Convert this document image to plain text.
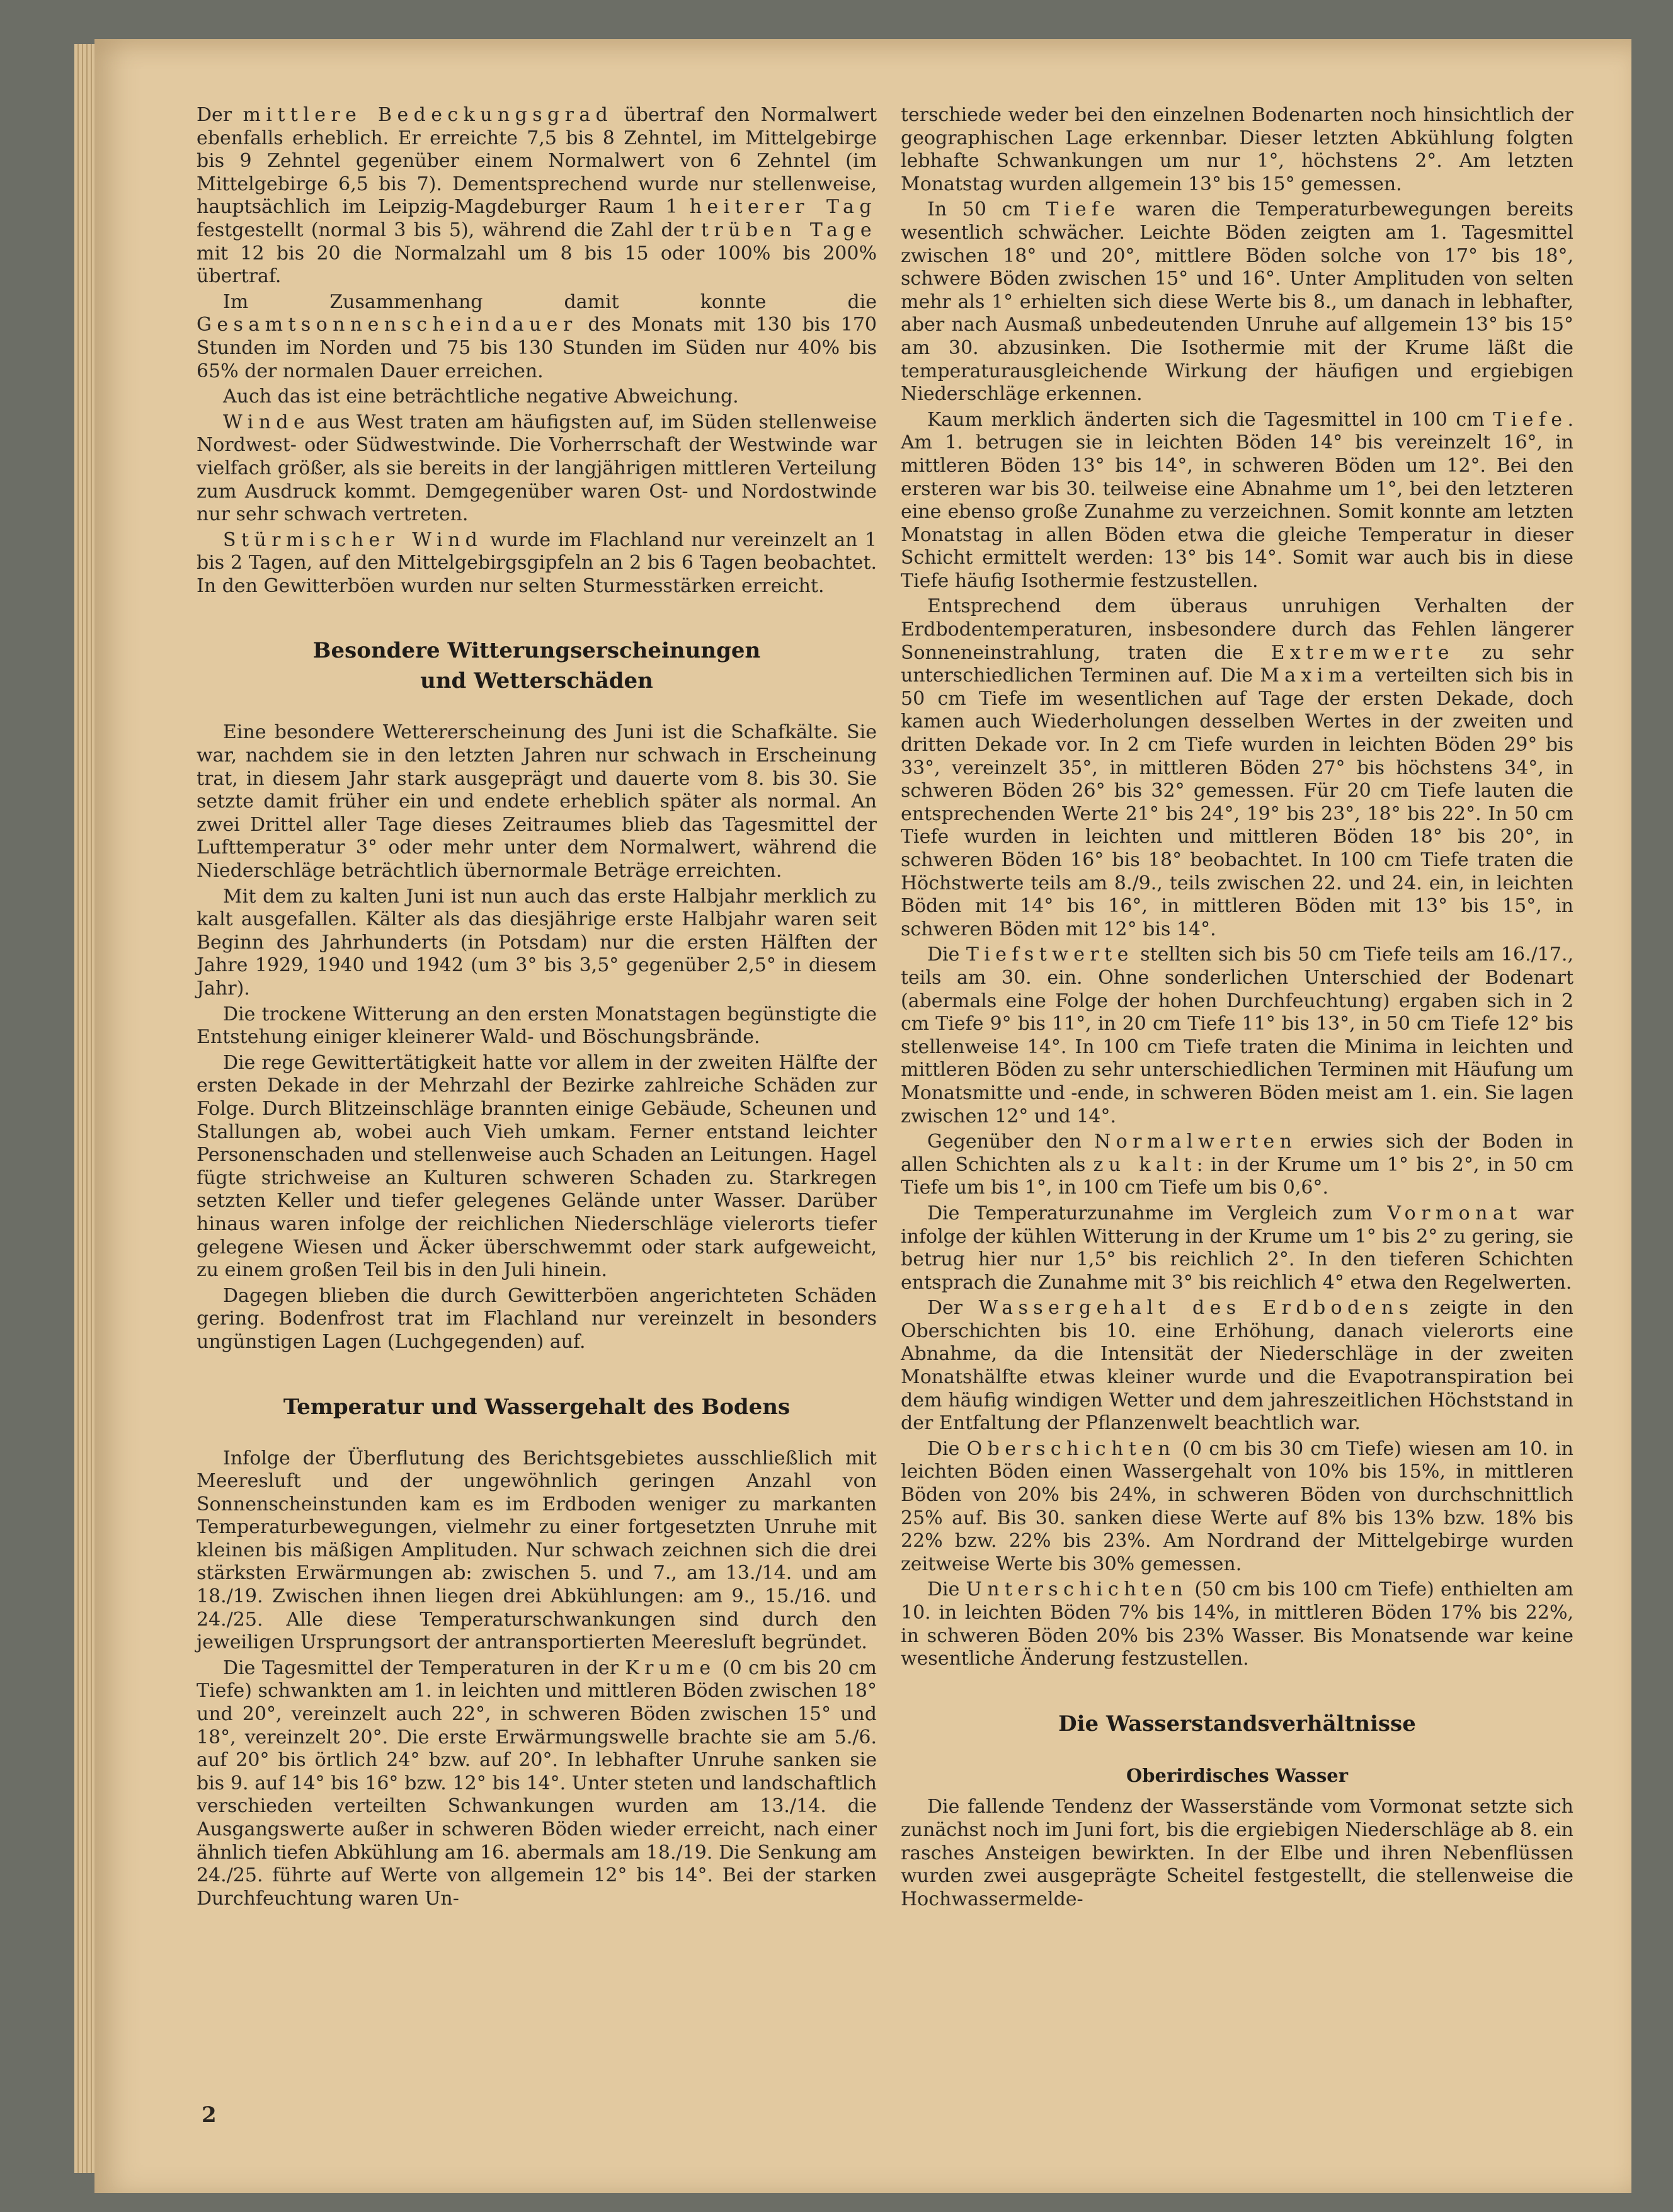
Der mittlere Bedeckungsgrad übertraf den Normalwert ebenfalls erheblich. Er erreichte 7,5 bis 8 Zehntel, im Mittelgebirge bis 9 Zehntel gegenüber einem Normalwert von 6 Zehntel (im Mittelgebirge 6,5 bis 7). Dementsprechend wurde nur stellenweise, hauptsächlich im Leipzig-Magdeburger Raum 1 heiterer Tag festgestellt (normal 3 bis 5), während die Zahl der trüben Tage mit 12 bis 20 die Normalzahl um 8 bis 15 oder 100% bis 200% übertraf.

Im Zusammenhang damit konnte die Gesamtsonnenscheindauer des Monats mit 130 bis 170 Stunden im Norden und 75 bis 130 Stunden im Süden nur 40% bis 65% der normalen Dauer erreichen.

Auch das ist eine beträchtliche negative Abweichung.

Winde aus West traten am häufigsten auf, im Süden stellenweise Nordwest- oder Südwestwinde. Die Vorherrschaft der Westwinde war vielfach größer, als sie bereits in der langjährigen mittleren Verteilung zum Ausdruck kommt. Demgegenüber waren Ost- und Nordostwinde nur sehr schwach vertreten.

Stürmischer Wind wurde im Flachland nur vereinzelt an 1 bis 2 Tagen, auf den Mittelgebirgsgipfeln an 2 bis 6 Tagen beobachtet. In den Gewitterböen wurden nur selten Sturmesstärken erreicht.

Besondere Witterungserscheinungen
und Wetterschäden

Eine besondere Wettererscheinung des Juni ist die Schafkälte. Sie war, nachdem sie in den letzten Jahren nur schwach in Erscheinung trat, in diesem Jahr stark ausgeprägt und dauerte vom 8. bis 30. Sie setzte damit früher ein und endete erheblich später als normal. An zwei Drittel aller Tage dieses Zeitraumes blieb das Tagesmittel der Lufttemperatur 3° oder mehr unter dem Normalwert, während die Niederschläge beträchtlich übernormale Beträge erreichten.

Mit dem zu kalten Juni ist nun auch das erste Halbjahr merklich zu kalt ausgefallen. Kälter als das diesjährige erste Halbjahr waren seit Beginn des Jahrhunderts (in Potsdam) nur die ersten Hälften der Jahre 1929, 1940 und 1942 (um 3° bis 3,5° gegenüber 2,5° in diesem Jahr).

Die trockene Witterung an den ersten Monatstagen begünstigte die Entstehung einiger kleinerer Wald- und Böschungsbrände.

Die rege Gewittertätigkeit hatte vor allem in der zweiten Hälfte der ersten Dekade in der Mehrzahl der Bezirke zahlreiche Schäden zur Folge. Durch Blitzeinschläge brannten einige Gebäude, Scheunen und Stallungen ab, wobei auch Vieh umkam. Ferner entstand leichter Personenschaden und stellenweise auch Schaden an Leitungen. Hagel fügte strichweise an Kulturen schweren Schaden zu. Starkregen setzten Keller und tiefer gelegenes Gelände unter Wasser. Darüber hinaus waren infolge der reichlichen Niederschläge vielerorts tiefer gelegene Wiesen und Äcker überschwemmt oder stark aufgeweicht, zu einem großen Teil bis in den Juli hinein.

Dagegen blieben die durch Gewitterböen angerichteten Schäden gering. Bodenfrost trat im Flachland nur vereinzelt in besonders ungünstigen Lagen (Luchgegenden) auf.

Temperatur und Wassergehalt des Bodens

Infolge der Überflutung des Berichtsgebietes ausschließlich mit Meeresluft und der ungewöhnlich geringen Anzahl von Sonnenscheinstunden kam es im Erdboden weniger zu markanten Temperaturbewegungen, vielmehr zu einer fortgesetzten Unruhe mit kleinen bis mäßigen Amplituden. Nur schwach zeichnen sich die drei stärksten Erwärmungen ab: zwischen 5. und 7., am 13./14. und am 18./19. Zwischen ihnen liegen drei Abkühlungen: am 9., 15./16. und 24./25. Alle diese Temperaturschwankungen sind durch den jeweiligen Ursprungsort der antransportierten Meeresluft begründet.

Die Tagesmittel der Temperaturen in der Krume (0 cm bis 20 cm Tiefe) schwankten am 1. in leichten und mittleren Böden zwischen 18° und 20°, vereinzelt auch 22°, in schweren Böden zwischen 15° und 18°, vereinzelt 20°. Die erste Erwärmungswelle brachte sie am 5./6. auf 20° bis örtlich 24° bzw. auf 20°. In lebhafter Unruhe sanken sie bis 9. auf 14° bis 16° bzw. 12° bis 14°. Unter steten und landschaftlich verschieden verteilten Schwankungen wurden am 13./14. die Ausgangswerte außer in schweren Böden wieder erreicht, nach einer ähnlich tiefen Abkühlung am 16. abermals am 18./19. Die Senkung am 24./25. führte auf Werte von allgemein 12° bis 14°. Bei der starken Durchfeuchtung waren Un-

terschiede weder bei den einzelnen Bodenarten noch hinsichtlich der geographischen Lage erkennbar. Dieser letzten Abkühlung folgten lebhafte Schwankungen um nur 1°, höchstens 2°. Am letzten Monatstag wurden allgemein 13° bis 15° gemessen.

In 50 cm Tiefe waren die Temperaturbewegungen bereits wesentlich schwächer. Leichte Böden zeigten am 1. Tagesmittel zwischen 18° und 20°, mittlere Böden solche von 17° bis 18°, schwere Böden zwischen 15° und 16°. Unter Amplituden von selten mehr als 1° erhielten sich diese Werte bis 8., um danach in lebhafter, aber nach Ausmaß unbedeutenden Unruhe auf allgemein 13° bis 15° am 30. abzusinken. Die Isothermie mit der Krume läßt die temperaturausgleichende Wirkung der häufigen und ergiebigen Niederschläge erkennen.

Kaum merklich änderten sich die Tagesmittel in 100 cm Tiefe. Am 1. betrugen sie in leichten Böden 14° bis vereinzelt 16°, in mittleren Böden 13° bis 14°, in schweren Böden um 12°. Bei den ersteren war bis 30. teilweise eine Abnahme um 1°, bei den letzteren eine ebenso große Zunahme zu verzeichnen. Somit konnte am letzten Monatstag in allen Böden etwa die gleiche Temperatur in dieser Schicht ermittelt werden: 13° bis 14°. Somit war auch bis in diese Tiefe häufig Isothermie festzustellen.

Entsprechend dem überaus unruhigen Verhalten der Erdbodentemperaturen, insbesondere durch das Fehlen längerer Sonneneinstrahlung, traten die Extremwerte zu sehr unterschiedlichen Terminen auf. Die Maxima verteilten sich bis in 50 cm Tiefe im wesentlichen auf Tage der ersten Dekade, doch kamen auch Wiederholungen desselben Wertes in der zweiten und dritten Dekade vor. In 2 cm Tiefe wurden in leichten Böden 29° bis 33°, vereinzelt 35°, in mittleren Böden 27° bis höchstens 34°, in schweren Böden 26° bis 32° gemessen. Für 20 cm Tiefe lauten die entsprechenden Werte 21° bis 24°, 19° bis 23°, 18° bis 22°. In 50 cm Tiefe wurden in leichten und mittleren Böden 18° bis 20°, in schweren Böden 16° bis 18° beobachtet. In 100 cm Tiefe traten die Höchstwerte teils am 8./9., teils zwischen 22. und 24. ein, in leichten Böden mit 14° bis 16°, in mittleren Böden mit 13° bis 15°, in schweren Böden mit 12° bis 14°.

Die Tiefstwerte stellten sich bis 50 cm Tiefe teils am 16./17., teils am 30. ein. Ohne sonderlichen Unterschied der Bodenart (abermals eine Folge der hohen Durchfeuchtung) ergaben sich in 2 cm Tiefe 9° bis 11°, in 20 cm Tiefe 11° bis 13°, in 50 cm Tiefe 12° bis stellenweise 14°. In 100 cm Tiefe traten die Minima in leichten und mittleren Böden zu sehr unterschiedlichen Terminen mit Häufung um Monatsmitte und -ende, in schweren Böden meist am 1. ein. Sie lagen zwischen 12° und 14°.

Gegenüber den Normalwerten erwies sich der Boden in allen Schichten als zu kalt: in der Krume um 1° bis 2°, in 50 cm Tiefe um bis 1°, in 100 cm Tiefe um bis 0,6°.

Die Temperaturzunahme im Vergleich zum Vormonat war infolge der kühlen Witterung in der Krume um 1° bis 2° zu gering, sie betrug hier nur 1,5° bis reichlich 2°. In den tieferen Schichten entsprach die Zunahme mit 3° bis reichlich 4° etwa den Regelwerten.

Der Wassergehalt des Erdbodens zeigte in den Oberschichten bis 10. eine Erhöhung, danach vielerorts eine Abnahme, da die Intensität der Niederschläge in der zweiten Monatshälfte etwas kleiner wurde und die Evapotranspiration bei dem häufig windigen Wetter und dem jahreszeitlichen Höchststand in der Entfaltung der Pflanzenwelt beachtlich war.

Die Oberschichten (0 cm bis 30 cm Tiefe) wiesen am 10. in leichten Böden einen Wassergehalt von 10% bis 15%, in mittleren Böden von 20% bis 24%, in schweren Böden von durchschnittlich 25% auf. Bis 30. sanken diese Werte auf 8% bis 13% bzw. 18% bis 22% bzw. 22% bis 23%. Am Nordrand der Mittelgebirge wurden zeitweise Werte bis 30% gemessen.

Die Unterschichten (50 cm bis 100 cm Tiefe) enthielten am 10. in leichten Böden 7% bis 14%, in mittleren Böden 17% bis 22%, in schweren Böden 20% bis 23% Wasser. Bis Monatsende war keine wesentliche Änderung festzustellen.

Die Wasserstandsverhältnisse
Oberirdisches Wasser

Die fallende Tendenz der Wasserstände vom Vormonat setzte sich zunächst noch im Juni fort, bis die ergiebigen Niederschläge ab 8. ein rasches Ansteigen bewirkten. In der Elbe und ihren Nebenflüssen wurden zwei ausgeprägte Scheitel festgestellt, die stellenweise die Hochwassermelde-

2
